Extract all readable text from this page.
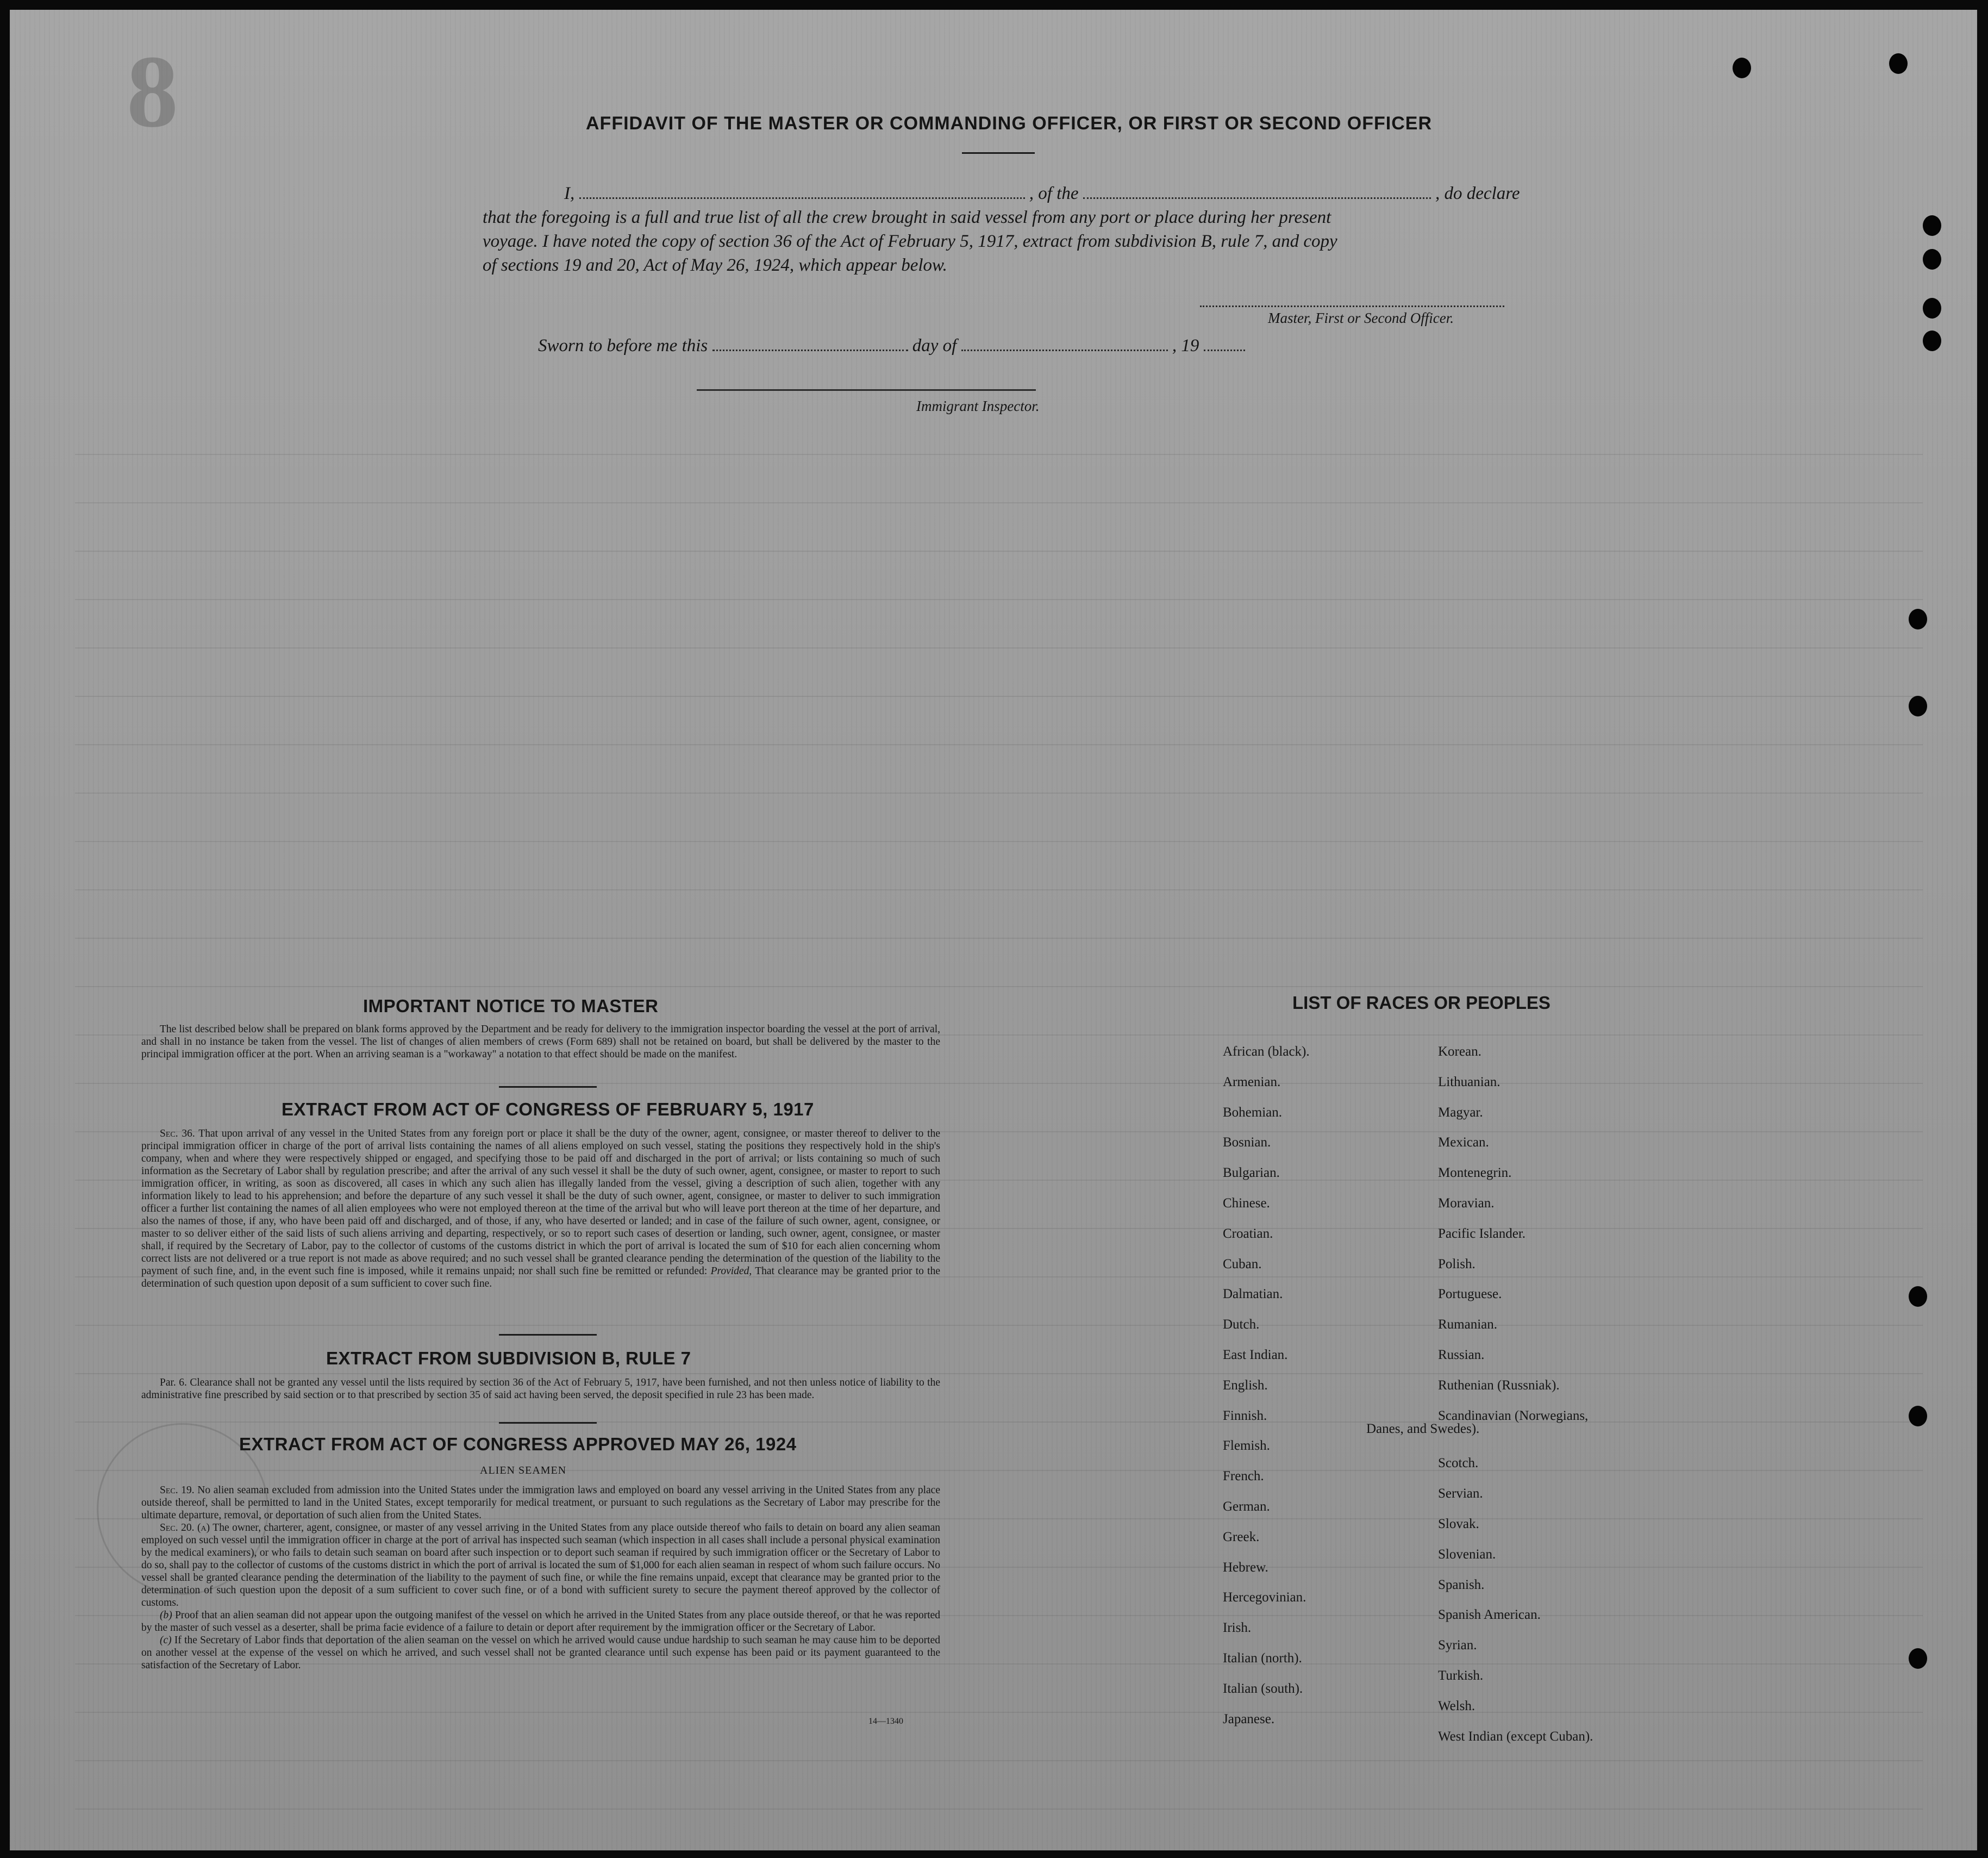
8	AFFIDAVIT OF THE MASTER OR COMMANDING OFFICER, OR FIRST OR SECOND OFFICER
I,	, of the	, do declare
that the foregoing is a full and true list of all the crew brought in said vessel from any port or place during her present
voyage. I have noted the copy of section 36 of the Act of February 5, 1917, extract from subdivision B, rule 7, and copy
of sections 19 and 20, Act of May 26, 1924, which appear below.
Master, First or Second Officer.
Sworn to before me this	day of	, 19
Immigrant Inspector.
IMPORTANT NOTICE TO MASTER

The list described below shall be prepared on blank forms approved by the Department and be ready for delivery to the immigration inspector boarding the vessel at the port of arrival, and shall in no instance be taken from the vessel. The list of changes of alien members of crews (Form 689) shall not be retained on board, but shall be delivered by the master to the principal immigration officer at the port. When an arriving seaman is a "workaway" a notation to that effect should be made on the manifest.

EXTRACT FROM ACT OF CONGRESS OF FEBRUARY 5, 1917

Sec. 36. That upon arrival of any vessel in the United States from any foreign port or place it shall be the duty of the owner, agent, consignee, or master thereof to deliver to the principal immigration officer in charge of the port of arrival lists containing the names of all aliens employed on such vessel, stating the positions they respectively hold in the ship's company, when and where they were respectively shipped or engaged, and specifying those to be paid off and discharged in the port of arrival; or lists containing so much of such information as the Secretary of Labor shall by regulation prescribe; and after the arrival of any such vessel it shall be the duty of such owner, agent, consignee, or master to report to such immigration officer, in writing, as soon as discovered, all cases in which any such alien has illegally landed from the vessel, giving a description of such alien, together with any information likely to lead to his apprehension; and before the departure of any such vessel it shall be the duty of such owner, agent, consignee, or master to deliver to such immigration officer a further list containing the names of all alien employees who were not employed thereon at the time of the arrival but who will leave port thereon at the time of her departure, and also the names of those, if any, who have been paid off and discharged, and of those, if any, who have deserted or landed; and in case of the failure of such owner, agent, consignee, or master to so deliver either of the said lists of such aliens arriving and departing, respectively, or so to report such cases of desertion or landing, such owner, agent, consignee, or master shall, if required by the Secretary of Labor, pay to the collector of customs of the customs district in which the port of arrival is located the sum of $10 for each alien concerning whom correct lists are not delivered or a true report is not made as above required; and no such vessel shall be granted clearance pending the determination of the question of the liability to the payment of such fine, and, in the event such fine is imposed, while it remains unpaid; nor shall such fine be remitted or refunded: Provided, That clearance may be granted prior to the determination of such question upon deposit of a sum sufficient to cover such fine.

EXTRACT FROM SUBDIVISION B, RULE 7

Par. 6. Clearance shall not be granted any vessel until the lists required by section 36 of the Act of February 5, 1917, have been furnished, and not then unless notice of liability to the administrative fine prescribed by said section or to that prescribed by section 35 of said act having been served, the deposit specified in rule 23 has been made.

EXTRACT FROM ACT OF CONGRESS APPROVED MAY 26, 1924
ALIEN SEAMEN

Sec. 19. No alien seaman excluded from admission into the United States under the immigration laws and employed on board any vessel arriving in the United States from any place outside thereof, shall be permitted to land in the United States, except temporarily for medical treatment, or pursuant to such regulations as the Secretary of Labor may prescribe for the ultimate departure, removal, or deportation of such alien from the United States.

Sec. 20. (a) The owner, charterer, agent, consignee, or master of any vessel arriving in the United States from any place outside thereof who fails to detain on board any alien seaman employed on such vessel until the immigration officer in charge at the port of arrival has inspected such seaman (which inspection in all cases shall include a personal physical examination by the medical examiners), or who fails to detain such seaman on board after such inspection or to deport such seaman if required by such immigration officer or the Secretary of Labor to do so, shall pay to the collector of customs of the customs district in which the port of arrival is located the sum of $1,000 for each alien seaman in respect of whom such failure occurs. No vessel shall be granted clearance pending the determination of the liability to the payment of such fine, or while the fine remains unpaid, except that clearance may be granted prior to the determination of such question upon the deposit of a sum sufficient to cover such fine, or of a bond with sufficient surety to secure the payment thereof approved by the collector of customs.

(b) Proof that an alien seaman did not appear upon the outgoing manifest of the vessel on which he arrived in the United States from any place outside thereof, or that he was reported by the master of such vessel as a deserter, shall be prima facie evidence of a failure to detain or deport after requirement by the immigration officer or the Secretary of Labor.

(c) If the Secretary of Labor finds that deportation of the alien seaman on the vessel on which he arrived would cause undue hardship to such seaman he may cause him to be deported on another vessel at the expense of the vessel on which he arrived, and such vessel shall not be granted clearance until such expense has been paid or its payment guaranteed to the satisfaction of the Secretary of Labor.

14—1340
LIST OF RACES OR PEOPLES
African (black).
Armenian.
Bohemian.
Bosnian.
Bulgarian.
Chinese.
Croatian.
Cuban.
Dalmatian.
Dutch.
East Indian.
English.
Finnish.
Flemish.
French.
German.
Greek.
Hebrew.
Hercegovinian.
Irish.
Italian (north).
Italian (south).
Japanese.
Korean.
Lithuanian.
Magyar.
Mexican.
Montenegrin.
Moravian.
Pacific Islander.
Polish.
Portuguese.
Rumanian.
Russian.
Ruthenian (Russniak).
Scandinavian (Norwegians,
Danes, and Swedes).
Scotch.
Servian.
Slovak.
Slovenian.
Spanish.
Spanish American.
Syrian.
Turkish.
Welsh.
West Indian (except Cuban).
